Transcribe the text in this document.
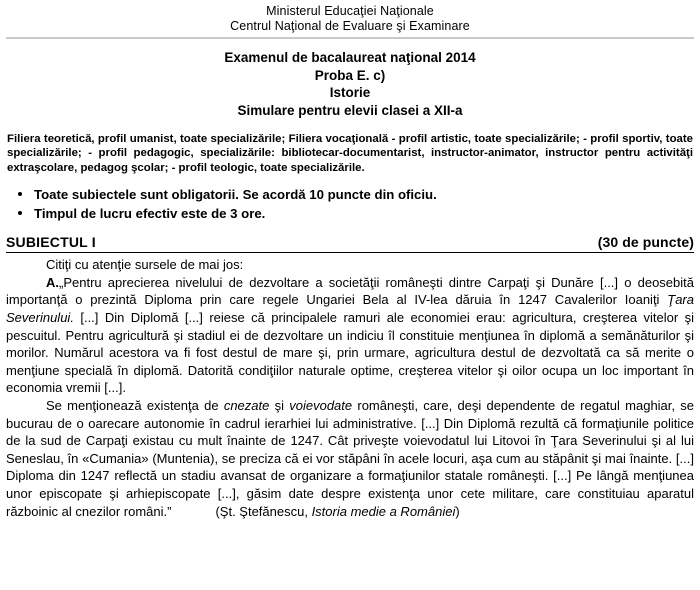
Ministerul Educaţiei Naţionale
Centrul Naţional de Evaluare şi Examinare
Examenul de bacalaureat naţional 2014
Proba E. c)
Istorie
Simulare pentru elevii clasei a XII-a
Filiera teoretică, profil umanist, toate specializările; Filiera vocaţională - profil artistic, toate specializările; - profil sportiv, toate specializările; - profil pedagogic, specializările: bibliotecar-documentarist, instructor-animator, instructor pentru activităţi extraşcolare, pedagog şcolar; - profil teologic, toate specializările.
Toate subiectele sunt obligatorii. Se acordă 10 puncte din oficiu.
Timpul de lucru efectiv este de 3 ore.
SUBIECTUL I	(30 de puncte)

Citiţi cu atenţie sursele de mai jos:

A.„Pentru aprecierea nivelului de dezvoltare a societăţii româneşti dintre Carpaţi şi Dunăre [...] o deosebită importanţă o prezintă Diploma prin care regele Ungariei Bela al IV-lea dăruia în 1247 Cavalerilor Ioaniţi Ţara Severinului. [...] Din Diplomă [...] reiese că principalele ramuri ale economiei erau: agricultura, creşterea vitelor şi pescuitul. Pentru agricultură şi stadiul ei de dezvoltare un indiciu îl constituie menţiunea în diplomă a semănăturilor şi morilor. Numărul acestora va fi fost destul de mare şi, prin urmare, agricultura destul de dezvoltată ca să merite o menţiune specială în diplomă. Datorită condiţiilor naturale optime, creşterea vitelor şi oilor ocupa un loc important în economia vremii [...].

Se menţionează existenţa de cnezate şi voievodate româneşti, care, deşi dependente de regatul maghiar, se bucurau de o oarecare autonomie în cadrul ierarhiei lui administrative. [...] Din Diplomă rezultă că formaţiunile politice de la sud de Carpaţi existau cu mult înainte de 1247. Cât priveşte voievodatul lui Litovoi în Ţara Severinului şi al lui Seneslau, în «Cumania» (Muntenia), se preciza că ei vor stăpâni în acele locuri, aşa cum au stăpânit şi mai înainte. [...] Diploma din 1247 reflectă un stadiu avansat de organizare a formaţiunilor statale româneşti. [...] Pe lângă menţiunea unor episcopate şi arhiepiscopate [...], găsim date despre existenţa unor cete militare, care constituiau aparatul războinic al cnezilor români.”	(Şt. Ştefănescu, Istoria medie a României)
